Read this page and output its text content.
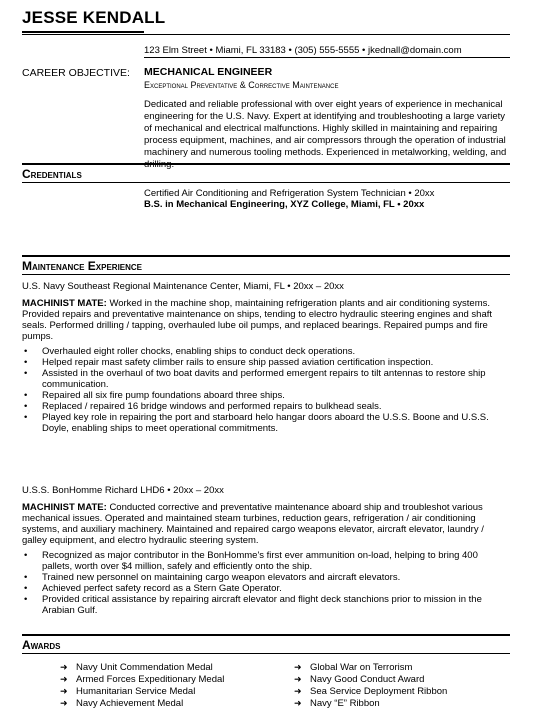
JESSE KENDALL
123 Elm Street • Miami, FL 33183 • (305) 555-5555 • jkednall@domain.com
CAREER OBJECTIVE: MECHANICAL ENGINEER
Exceptional Preventative & Corrective Maintenance
Dedicated and reliable professional with over eight years of experience in mechanical engineering for the U.S. Navy. Expert at identifying and troubleshooting a large variety of mechanical and electrical malfunctions. Highly skilled in maintaining and repairing process equipment, machines, and air compressors through the operation of industrial machinery and numerous tooling methods. Experienced in metalworking, welding, and drilling.
Credentials
Certified Air Conditioning and Refrigeration System Technician • 20xx
B.S. in Mechanical Engineering, XYZ College, Miami, FL • 20xx
Maintenance Experience
U.S. Navy Southeast Regional Maintenance Center, Miami, FL • 20xx – 20xx

MACHINIST MATE: Worked in the machine shop, maintaining refrigeration plants and air conditioning systems. Provided repairs and preventative maintenance on ships, tending to electro hydraulic steering engines and shaft seals. Performed drilling / tapping, overhauled lube oil pumps, and replaced bearings. Repaired pumps and fire pumps.

• Overhauled eight roller chocks, enabling ships to conduct deck operations.
• Helped repair mast safety climber rails to ensure ship passed aviation certification inspection.
• Assisted in the overhaul of two boat davits and performed emergent repairs to tilt antennas to restore ship communication.
• Repaired all six fire pump foundations aboard three ships.
• Replaced / repaired 16 bridge windows and performed repairs to bulkhead seals.
• Played key role in repairing the port and starboard helo hangar doors aboard the U.S.S. Boone and U.S.S. Doyle, enabling ships to meet operational commitments.
U.S.S. BonHomme Richard LHD6 • 20xx – 20xx

MACHINIST MATE: Conducted corrective and preventative maintenance aboard ship and troubleshot various mechanical issues. Operated and maintained steam turbines, reduction gears, refrigeration / air conditioning systems, and auxiliary machinery. Maintained and repaired cargo weapons elevator, aircraft elevator, laundry / galley equipment, and electro hydraulic steering system.

• Recognized as major contributor in the BonHomme's first ever ammunition on-load, helping to bring 400 pallets, worth over $4 million, safely and efficiently onto the ship.
• Trained new personnel on maintaining cargo weapon elevators and aircraft elevators.
• Achieved perfect safety record as a Stern Gate Operator.
• Provided critical assistance by repairing aircraft elevator and flight deck stanchions prior to mission in the Arabian Gulf.
Awards
➜ Navy Unit Commendation Medal
➜ Armed Forces Expeditionary Medal
➜ Humanitarian Service Medal
➜ Navy Achievement Medal
➜ Global War on Terrorism
➜ Navy Good Conduct Award
➜ Sea Service Deployment Ribbon
➜ Navy “E” Ribbon
